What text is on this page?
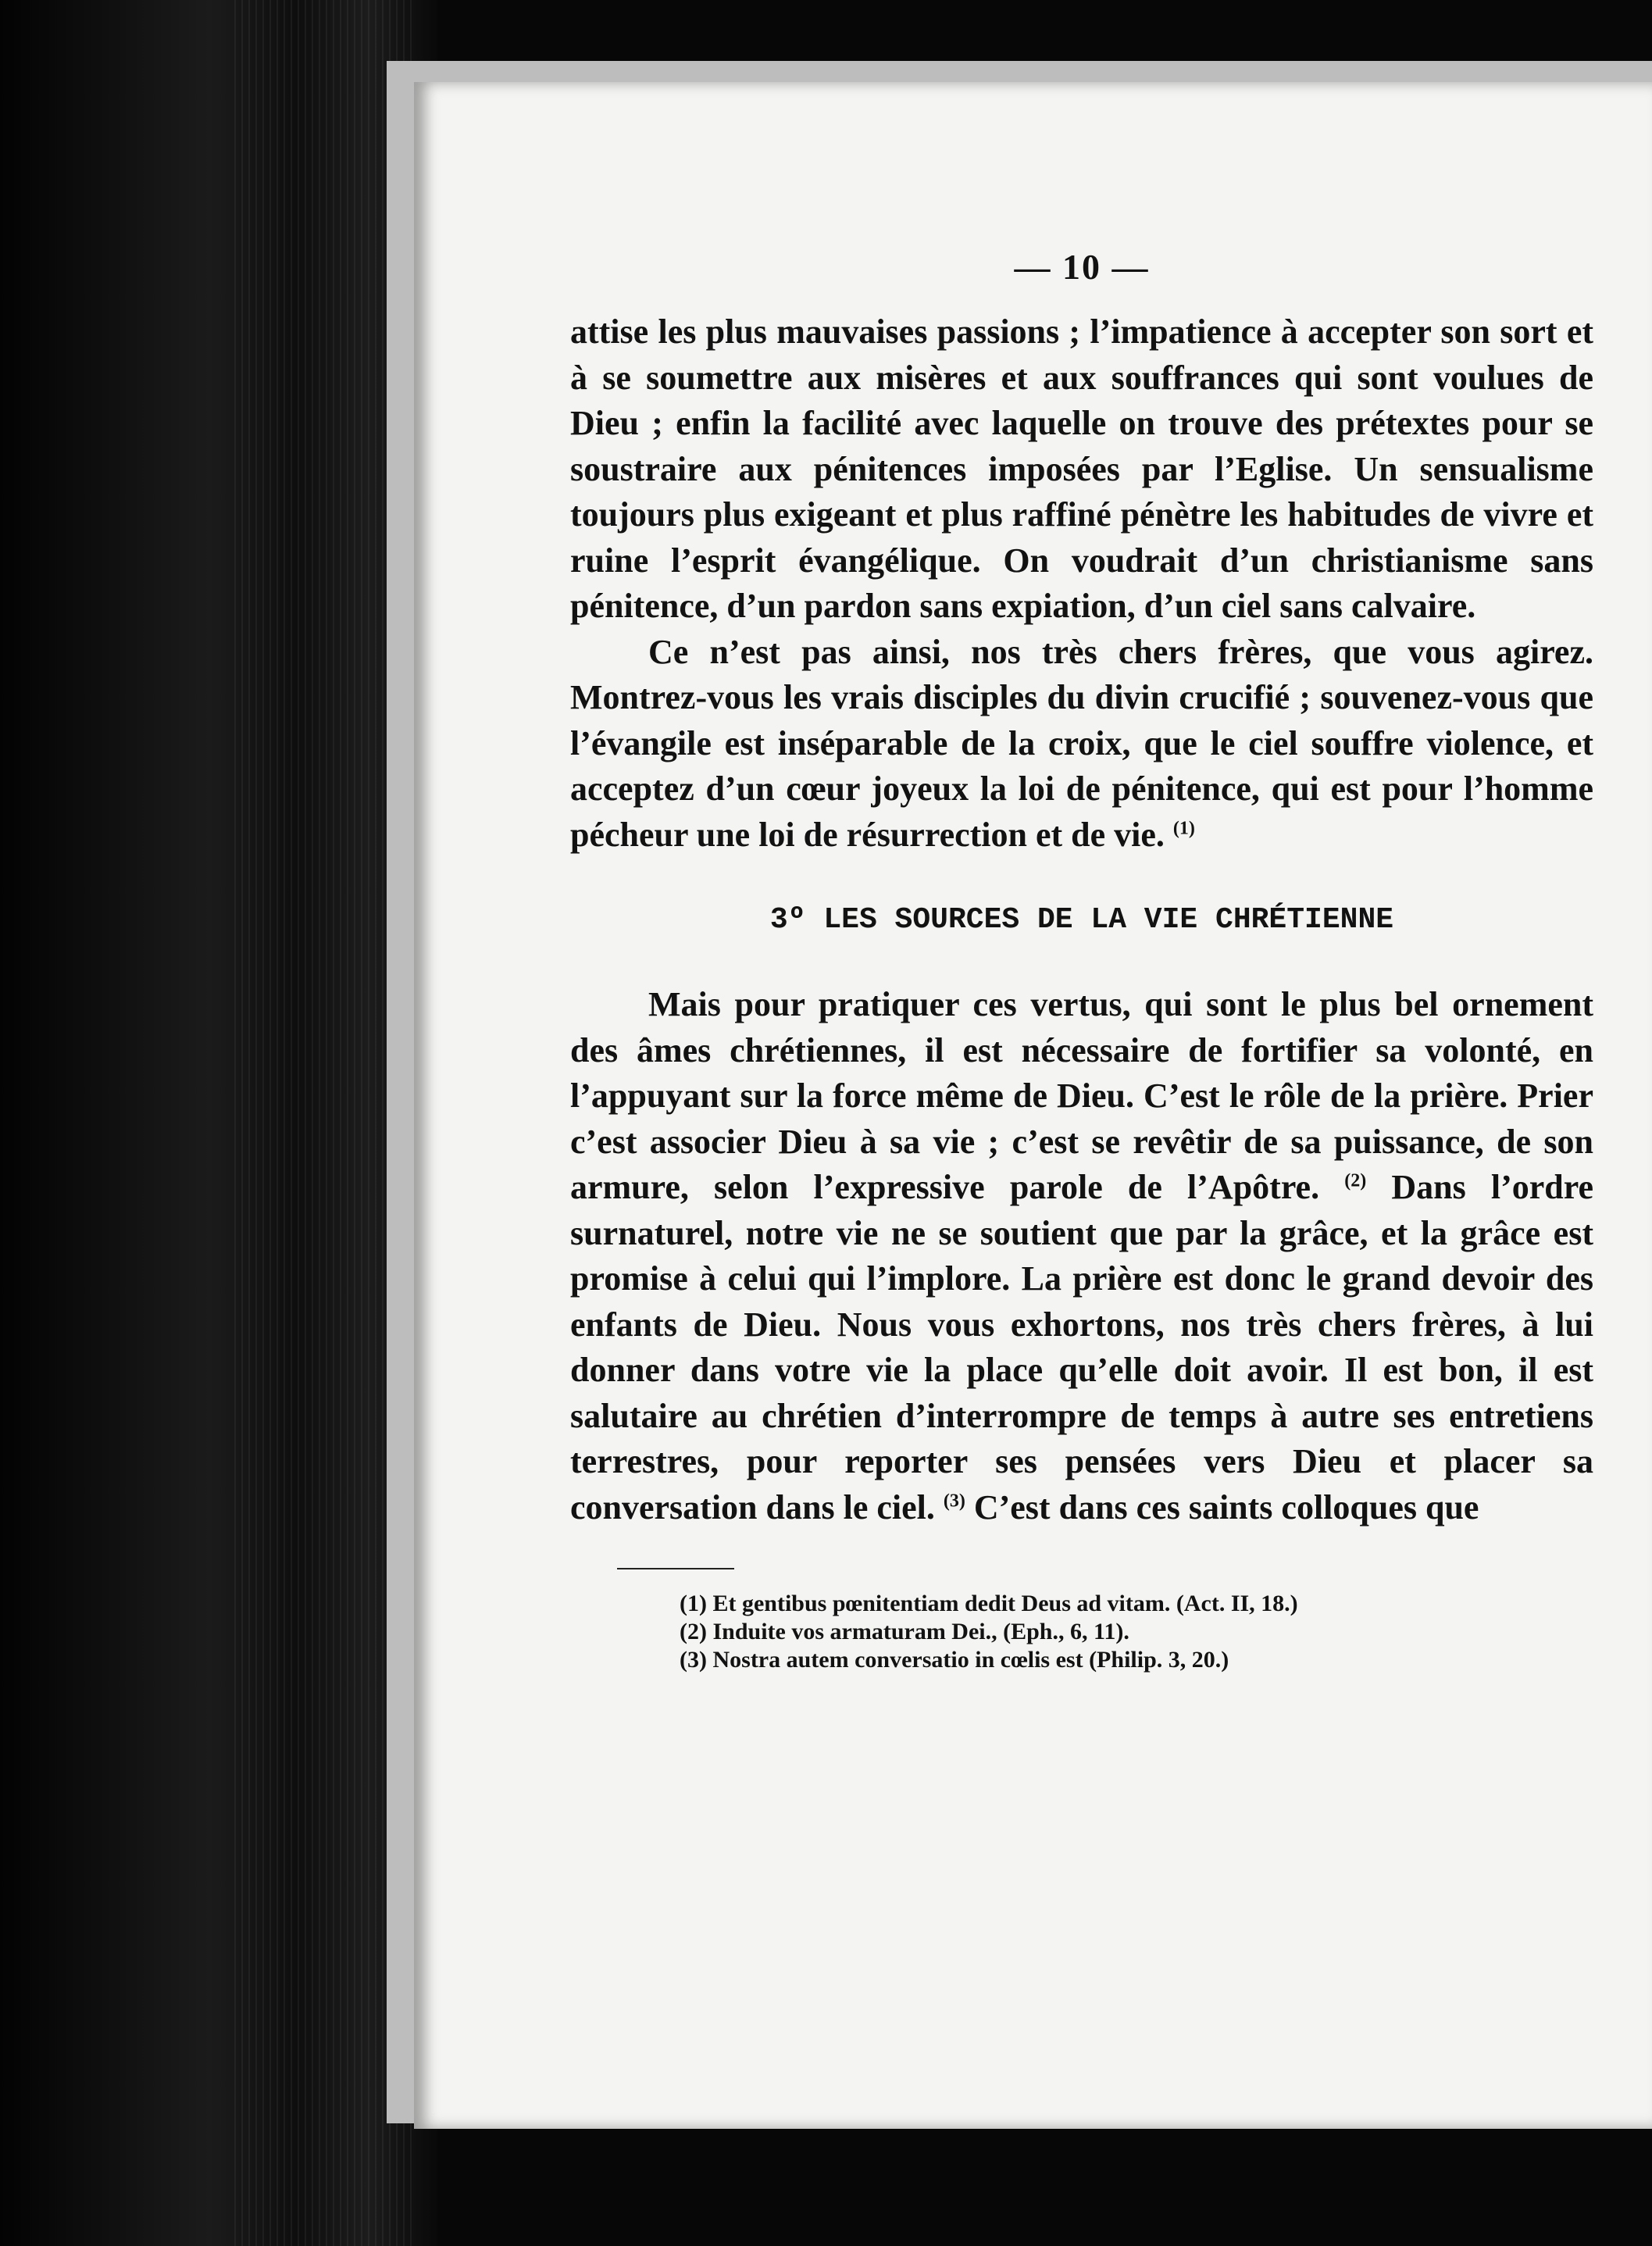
— 10 —

attise les plus mauvaises passions ; l’impatience à accepter son sort et à se soumettre aux misères et aux souffrances qui sont voulues de Dieu ; enfin la facilité avec laquelle on trouve des prétextes pour se soustraire aux pénitences imposées par l’Eglise. Un sensualisme toujours plus exigeant et plus raffiné pénètre les habitudes de vivre et ruine l’esprit évangélique. On voudrait d’un christianisme sans pénitence, d’un pardon sans expiation, d’un ciel sans calvaire.

Ce n’est pas ainsi, nos très chers frères, que vous agirez. Montrez-vous les vrais disciples du divin crucifié ; souvenez-vous que l’évangile est inséparable de la croix, que le ciel souffre violence, et acceptez d’un cœur joyeux la loi de pénitence, qui est pour l’homme pécheur une loi de résurrection et de vie. $^{(1)}$

3º LES SOURCES DE LA VIE CHRÉTIENNE

Mais pour pratiquer ces vertus, qui sont le plus bel ornement des âmes chrétiennes, il est nécessaire de fortifier sa volonté, en l’appuyant sur la force même de Dieu. C’est le rôle de la prière. Prier c’est associer Dieu à sa vie ; c’est se revêtir de sa puissance, de son armure, selon l’expressive parole de l’Apôtre. $^{(2)}$ Dans l’ordre surnaturel, notre vie ne se soutient que par la grâce, et la grâce est promise à celui qui l’implore. La prière est donc le grand devoir des enfants de Dieu. Nous vous exhortons, nos très chers frères, à lui donner dans votre vie la place qu’elle doit avoir. Il est bon, il est salutaire au chrétien d’interrompre de temps à autre ses entretiens terrestres, pour reporter ses pensées vers Dieu et placer sa conversation dans le ciel. $^{(3)}$ C’est dans ces saints colloques que

(1) Et gentibus pœnitentiam dedit Deus ad vitam. (Act. II, 18.)
(2) Induite vos armaturam Dei., (Eph., 6, 11).
(3) Nostra autem conversatio in cœlis est (Philip. 3, 20.)
